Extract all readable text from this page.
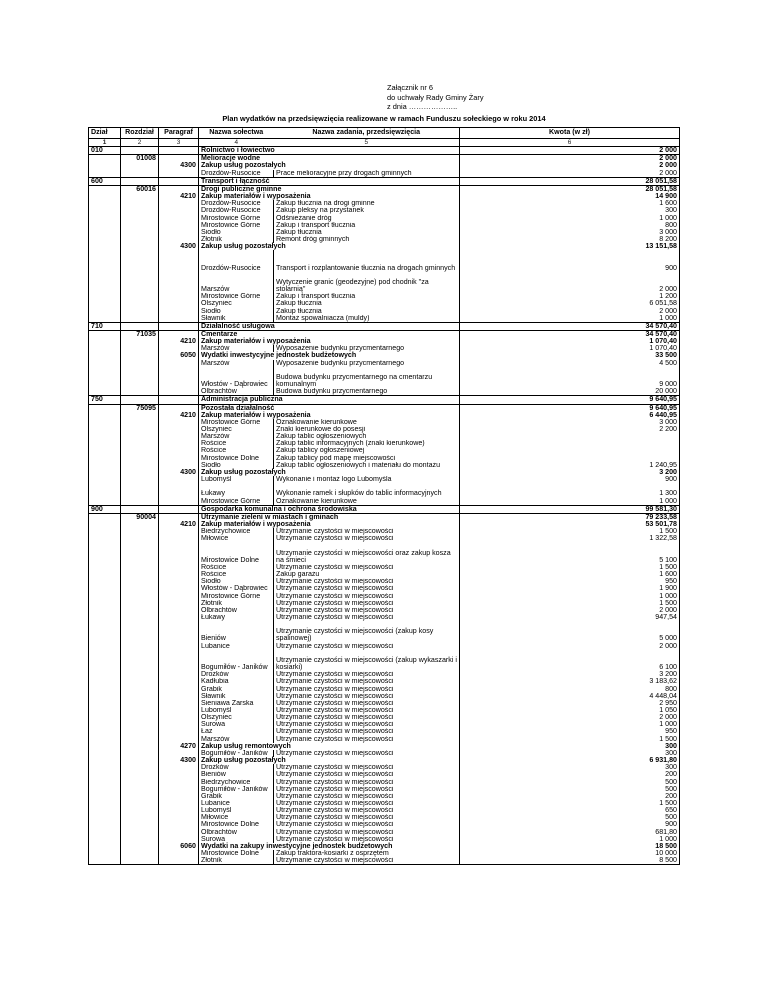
Załącznik nr 6
do uchwały Rady Gminy Żary
z dnia ………………..
Plan wydatków na przedsięwzięcia realizowane w ramach Funduszu sołeckiego w roku 2014
Dział	Rozdział	Paragraf	Nazwa sołectwa	Nazwa zadania, przedsięwzięcia	Kwota (w zł)
1	2	3	4	5	6
010			Rolnictwo i łowiectwo		2 000
	01008		Melioracje wodne		2 000
		4300	Zakup usług pozostałych		2 000
			Drozdów-Rusocice	Prace melioracyjne przy drogach gminnych	2 000
600			Transport i łączność		28 051,58
	60016		Drogi publiczne gminne		28 051,58
		4210	Zakup materiałów i wyposażenia		14 900
			Drozdów-Rusocice	Zakup tłucznia na drogi gminne	1 600
			Drozdów-Rusocice	Zakup pleksy na przystanek	300
			Mirostowice Górne	Odśnieżanie dróg	1 000
			Mirostowice Górne	Zakup i transport tłucznia	800
			Siodło	Zakup tłucznia	3 000
			Złotnik	Remont dróg gminnych	8 200
		4300	Zakup usług pozostałych		13 151,58
			Drozdów-Rusocice	Transport i rozplantowanie tłucznia na drogach gminnych	900
			Marszów	Wytyczenie granic (geodezyjne) pod chodnik "za stolarnią"	2 000
			Mirostowice Górne	Zakup i transport tłucznia	1 200
			Olszyniec	Zakup tłucznia	6 051,58
			Siodło	Zakup tłucznia	2 000
			Sławnik	Montaż spowalniacza (muldy)	1 000
710			Działalność usługowa		34 570,40
	71035		Cmentarze		34 570,40
		4210	Zakup materiałów i wyposażenia		1 070,40
			Marszów	Wyposażenie budynku przycmentarnego	1 070,40
		6050	Wydatki inwestycyjne jednostek budżetowych		33 500
			Marszów	Wyposażenie budynku przycmentarnego	4 500
			Włostów - Dąbrowiec	Budowa budynku przycmentarnego na cmentarzu komunalnym	9 000
			Olbrachtów	Budowa budynku przycmentarnego	20 000
750			Administracja publiczna		9 640,95
	75095		Pozostała działalność		9 640,95
		4210	Zakup materiałów i wyposażenia		6 440,95
			Mirostowice Górne	Oznakowanie kierunkowe	3 000
			Olszyniec	Znaki kierunkowe do posesji	2 200
			Marszów	Zakup tablic ogłoszeniowych	
			Rościce	Zakup tablic informacyjnych (znaki kierunkowe)	
			Rościce	Zakup tablicy ogłoszeniowej	
			Mirostowice Dolne	Zakup tablicy pod mapę miejscowości	
			Siodło	Zakup tablic ogłoszeniowych i materiału do montażu	1 240,95
		4300	Zakup usług pozostałych		3 200
			Lubomyśl	Wykonanie i montaż logo Lubomyśla	900
			Łukawy	Wykonanie ramek i słupków do tablic informacyjnych	1 300
			Mirostowice Górne	Oznakowanie kierunkowe	1 000
900			Gospodarka komunalna i ochrona środowiska		99 581,30
	90004		Utrzymanie zieleni w miastach i gminach		79 233,58
		4210	Zakup materiałów i wyposażenia		53 501,78
			Biedrzychowice	Utrzymanie czystości w miejscowości	1 500
			Miłowice	Utrzymanie czystości w miejscowości	1 322,58
			Mirostowice Dolne	Utrzymanie czystości w miejscowości oraz zakup kosza na śmieci	5 100
			Rościce	Utrzymanie czystości w miejscowości	1 500
			Rościce	Zakup garażu	1 600
			Siodło	Utrzymanie czystości w miejscowości	950
			Włostów - Dąbrowiec	Utrzymanie czystości w miejscowości	1 900
			Mirostowice Górne	Utrzymanie czystości w miejscowości	1 000
			Złotnik	Utrzymanie czystości w miejscowości	1 500
			Olbrachtów	Utrzymanie czystości w miejscowości	2 000
			Łukawy	Utrzymanie czystości w miejscowości	947,54
			Bieniów	Utrzymanie czystości w miejscowości (zakup kosy spalinowej)	5 000
			Lubanice	Utrzymanie czystości w miejscowości	2 000
			Bogumiłów - Janików	Utrzymanie czystości w miejscowości (zakup wykaszarki i kosiarki)	6 100
			Drożków	Utrzymanie czystości w miejscowości	3 200
			Kadłubia	Utrzymanie czystości w miejscowości	3 183,62
			Grabik	Utrzymanie czystości w miejscowości	800
			Sławnik	Utrzymanie czystości w miejscowości	4 448,04
			Sieniawa Żarska	Utrzymanie czystości w miejscowości	2 950
			Lubomyśl	Utrzymanie czystości w miejscowości	1 050
			Olszyniec	Utrzymanie czystości w miejscowości	2 000
			Surowa	Utrzymanie czystości w miejscowości	1 000
			Łaz	Utrzymanie czystości w miejscowości	950
			Marszów	Utrzymanie czystości w miejscowości	1 500
		4270	Zakup usług remontowych		300
			Bogumiłów - Janików	Utrzymanie czystości w miejscowości	300
		4300	Zakup usług pozostałych		6 931,80
			Drożków	Utrzymanie czystości w miejscowości	300
			Bieniów	Utrzymanie czystości w miejscowości	200
			Biedrzychowice	Utrzymanie czystości w miejscowości	500
			Bogumiłów - Janików	Utrzymanie czystości w miejscowości	500
			Grabik	Utrzymanie czystości w miejscowości	200
			Lubanice	Utrzymanie czystości w miejscowości	1 500
			Lubomyśl	Utrzymanie czystości w miejscowości	650
			Miłowice	Utrzymanie czystości w miejscowości	500
			Mirostowice Dolne	Utrzymanie czystości w miejscowości	900
			Olbrachtów	Utrzymanie czystości w miejscowości	681,80
			Surowa	Utrzymanie czystości w miejscowości	1 000
		6060	Wydatki na zakupy inwestycyjne jednostek budżetowych		18 500
			Mirostowice Dolne	Zakup traktora-kosiarki z osprzętem	10 000
			Złotnik	Utrzymanie czystości w miejscowości	8 500
